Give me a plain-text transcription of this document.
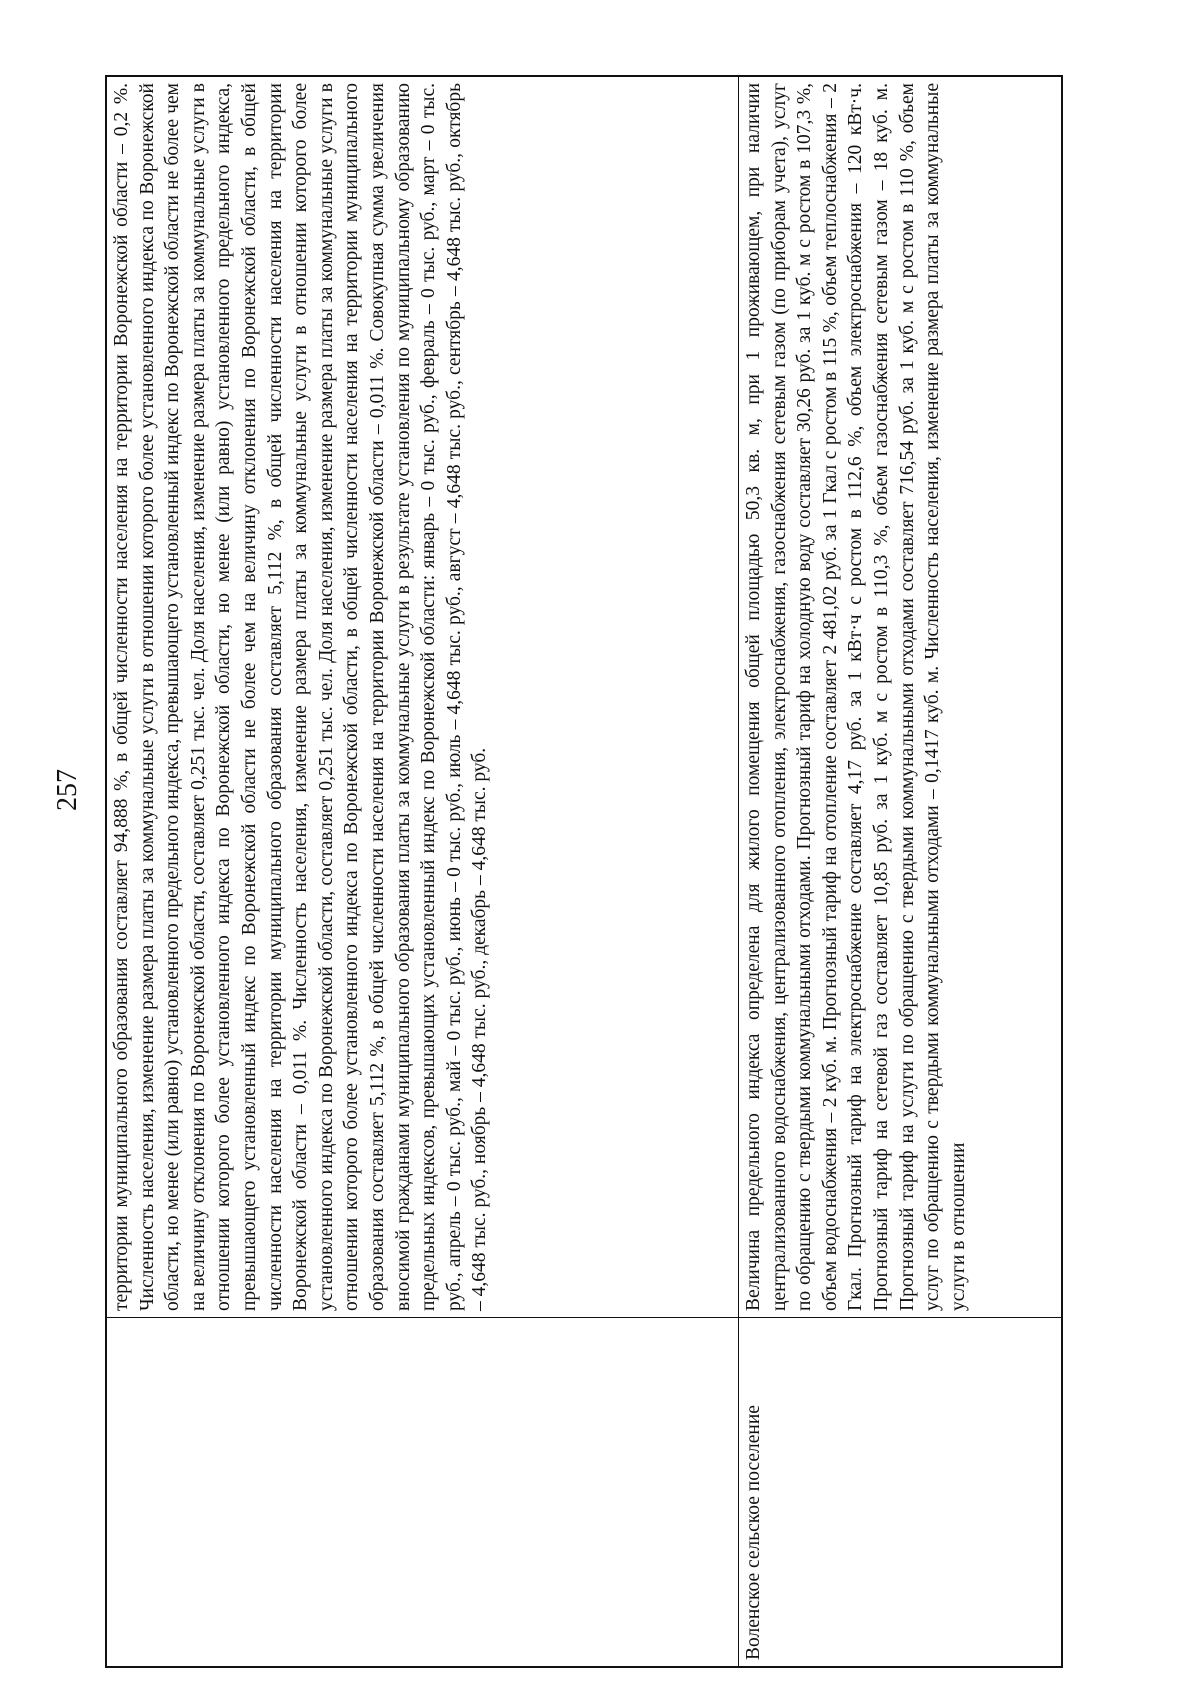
257
	территории муниципального образования составляет 94,888 %, в общей численности населения на территории Воронежской области – 0,2 %. Численность населения, изменение размера платы за коммунальные услуги в отношении которого более установленного индекса по Воронежской области, но менее (или равно) установленного предельного индекса, превышающего установленный индекс по Воронежской области не более чем на величину отклонения по Воронежской области, составляет 0,251 тыс. чел. Доля населения, изменение размера платы за коммунальные услуги в отношении которого более установленного индекса по Воронежской области, но менее (или равно) установленного предельного индекса, превышающего установленный индекс по Воронежской области не более чем на величину отклонения по Воронежской области, в общей численности населения на территории муниципального образования составляет 5,112 %, в общей численности населения на территории Воронежской области – 0,011 %. Численность населения, изменение размера платы за коммунальные услуги в отношении которого более установленного индекса по Воронежской области, составляет 0,251 тыс. чел. Доля населения, изменение размера платы за коммунальные услуги в отношении которого более установленного индекса по Воронежской области, в общей численности населения на территории муниципального образования составляет 5,112 %, в общей численности населения на территории Воронежской области – 0,011 %. Совокупная сумма увеличения вносимой гражданами муниципального образования платы за коммунальные услуги в результате установления по муниципальному образованию предельных индексов, превышающих установленный индекс по Воронежской области: январь – 0 тыс. руб., февраль – 0 тыс. руб., март – 0 тыс. руб., апрель – 0 тыс. руб., май – 0 тыс. руб., июнь – 0 тыс. руб., июль – 4,648 тыс. руб., август – 4,648 тыс. руб., сентябрь – 4,648 тыс. руб., октябрь – 4,648 тыс. руб., ноябрь – 4,648 тыс. руб., декабрь – 4,648 тыс. руб.
Воленское сельское поселение	Величина предельного индекса определена для жилого помещения общей площадью 50,3 кв. м, при 1 проживающем, при наличии централизованного водоснабжения, централизованного отопления, электроснабжения, газоснабжения сетевым газом (по приборам учета), услуг по обращению с твердыми коммунальными отходами. Прогнозный тариф на холодную воду составляет 30,26 руб. за 1 куб. м с ростом в 107,3 %, объем водоснабжения – 2 куб. м. Прогнозный тариф на отопление составляет 2 481,02 руб. за 1 Гкал с ростом в 115 %, объем теплоснабжения – 2 Гкал. Прогнозный тариф на электроснабжение составляет 4,17 руб. за 1 кВт·ч с ростом в 112,6 %, объем электроснабжения – 120 кВт·ч. Прогнозный тариф на сетевой газ составляет 10,85 руб. за 1 куб. м с ростом в 110,3 %, объем газоснабжения сетевым газом – 18 куб. м. Прогнозный тариф на услуги по обращению с твердыми коммунальными отходами составляет 716,54 руб. за 1 куб. м с ростом в 110 %, объем услуг по обращению с твердыми коммунальными отходами – 0,1417 куб. м. Численность населения, изменение размера платы за коммунальные услуги в отношении
